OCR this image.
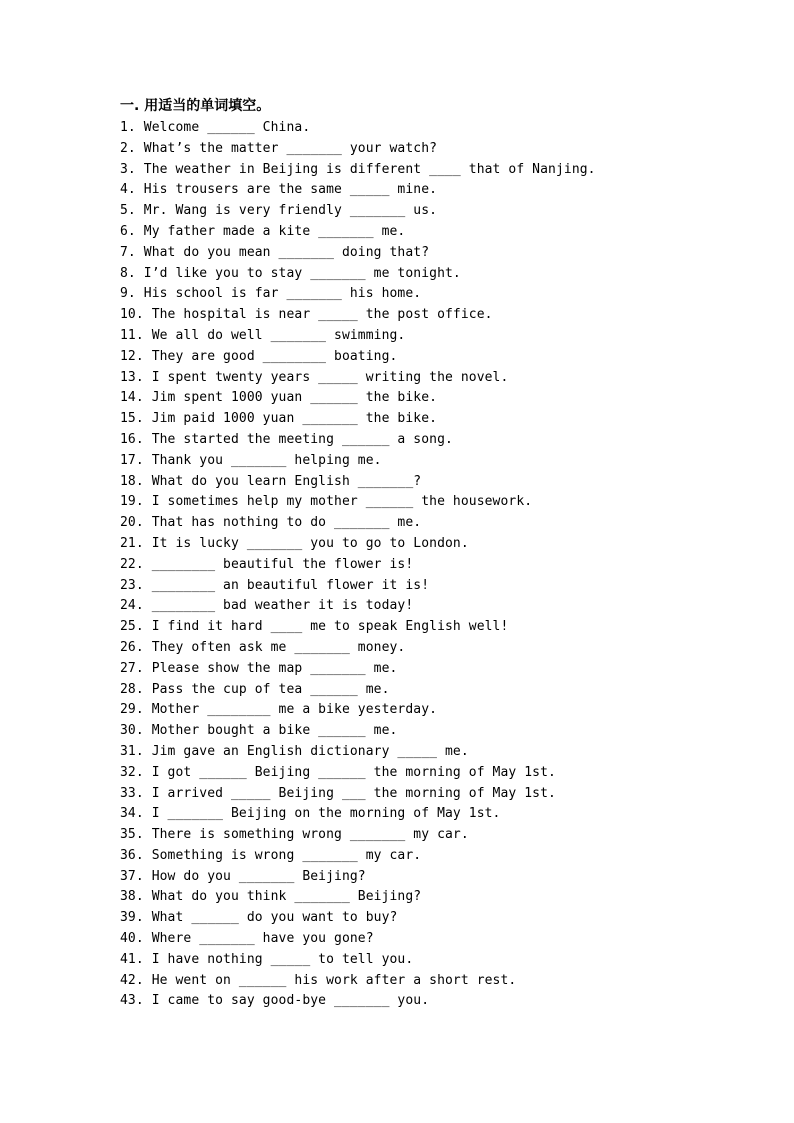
一. 用适当的单词填空。
1. Welcome ______ China.
2. What’s the matter _______ your watch?
3. The weather in Beijing is different ____ that of Nanjing.
4. His trousers are the same _____ mine.
5. Mr. Wang is very friendly _______ us.
6. My father made a kite _______ me.
7. What do you mean _______ doing that?
8. I’d like you to stay _______ me tonight.
9. His school is far _______ his home.
10. The hospital is near _____ the post office.
11. We all do well _______ swimming.
12. They are good ________ boating.
13. I spent twenty years _____ writing the novel.
14. Jim spent 1000 yuan ______ the bike.
15. Jim paid 1000 yuan _______ the bike.
16. The started the meeting ______ a song.
17. Thank you _______ helping me.
18. What do you learn English _______?
19. I sometimes help my mother ______ the housework.
20. That has nothing to do _______ me.
21. It is lucky _______ you to go to London.
22. ________ beautiful the flower is!
23. ________ an beautiful flower it is!
24. ________ bad weather it is today!
25. I find it hard ____ me to speak English well!
26. They often ask me _______ money.
27. Please show the map _______ me.
28. Pass the cup of tea ______ me.
29. Mother ________ me a bike yesterday.
30. Mother bought a bike ______ me.
31. Jim gave an English dictionary _____ me.
32. I got ______ Beijing ______ the morning of May 1st.
33. I arrived _____ Beijing ___ the morning of May 1st.
34. I _______ Beijing on the morning of May 1st.
35. There is something wrong _______ my car.
36. Something is wrong _______ my car.
37. How do you _______ Beijing?
38. What do you think _______ Beijing?
39. What ______ do you want to buy?
40. Where _______ have you gone?
41. I have nothing _____ to tell you.
42. He went on ______ his work after a short rest.
43. I came to say good-bye _______ you.
